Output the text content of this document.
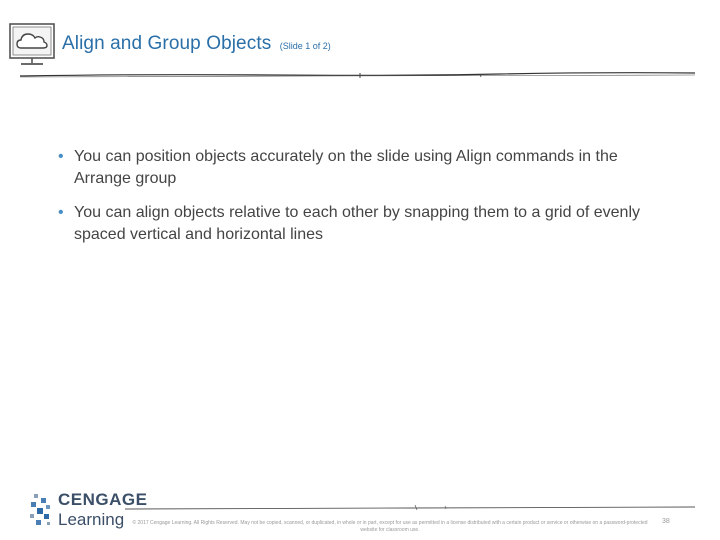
Align and Group Objects (Slide 1 of 2)
• You can position objects accurately on the slide using Align commands in the Arrange group
• You can align objects relative to each other by snapping them to a grid of evenly spaced vertical and horizontal lines
CENGAGE
Learning	© 2017 Cengage Learning. All Rights Reserved. May not be copied, scanned, or duplicated, in whole or in part, except for use as permitted in a license distributed with a certain product or service or otherwise on a password-protected website for classroom use.
38
